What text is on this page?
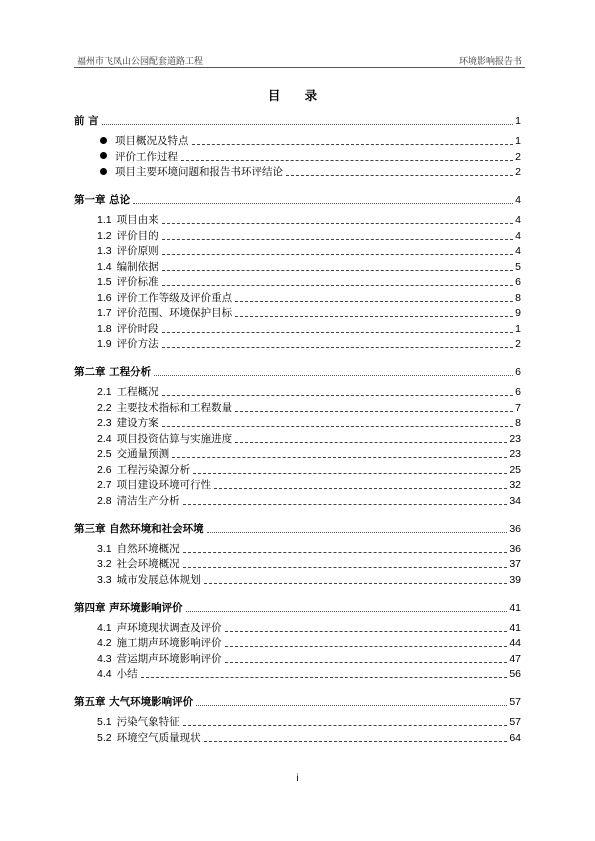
福州市飞凤山公园配套道路工程	环境影响报告书
目 录
前 言	1
项目概况及特点	1
评价工作过程	2
项目主要环境问题和报告书环评结论	2
第一章 总论	4
1.1 项目由来	4
1.2 评价目的	4
1.3 评价原则	4
1.4 编制依据	5
1.5 评价标准	6
1.6 评价工作等级及评价重点	8
1.7 评价范围、环境保护目标	9
1.8 评价时段	1
1.9 评价方法	2
第二章 工程分析	6
2.1 工程概况	6
2.2 主要技术指标和工程数量	7
2.3 建设方案	8
2.4 项目投资估算与实施进度	23
2.5 交通量预测	23
2.6 工程污染源分析	25
2.7 项目建设环境可行性	32
2.8 清洁生产分析	34
第三章 自然环境和社会环境	36
3.1 自然环境概况	36
3.2 社会环境概况	37
3.3 城市发展总体规划	39
第四章 声环境影响评价	41
4.1 声环境现状调查及评价	41
4.2 施工期声环境影响评价	44
4.3 营运期声环境影响评价	47
4.4 小结	56
第五章 大气环境影响评价	57
5.1 污染气象特征	57
5.2 环境空气质量现状	64
i
